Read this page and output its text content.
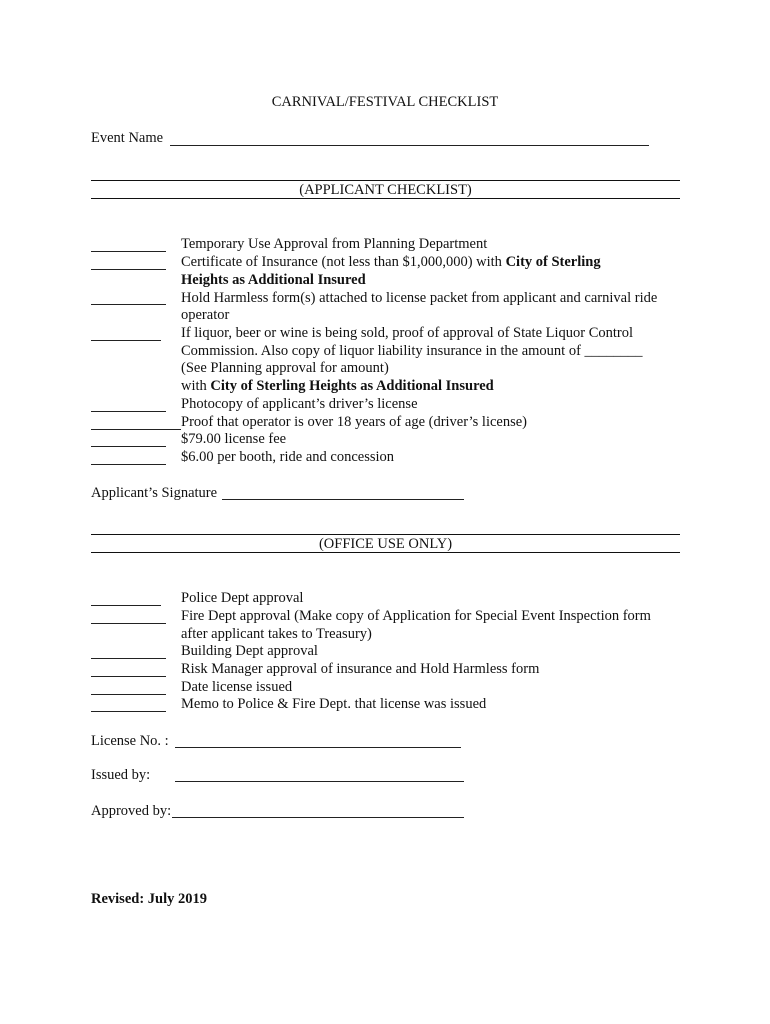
CARNIVAL/FESTIVAL CHECKLIST
Event Name
(APPLICANT CHECKLIST)
Temporary Use Approval from Planning Department
Certificate of Insurance (not less than $1,000,000) with City of Sterling
Heights as Additional Insured
Hold Harmless form(s) attached to license packet from applicant and carnival ride
operator
If liquor, beer or wine is being sold, proof of approval of State Liquor Control
Commission. Also copy of liquor liability insurance in the amount of ________
(See Planning approval for amount)
with City of Sterling Heights as Additional Insured
Photocopy of applicant’s driver’s license
Proof that operator is over 18 years of age (driver’s license)
$79.00 license fee
$6.00 per booth, ride and concession
Applicant’s Signature
(OFFICE USE ONLY)
Police Dept approval
Fire Dept approval (Make copy of Application for Special Event Inspection form
after applicant takes to Treasury)
Building Dept approval
Risk Manager approval of insurance and Hold Harmless form
Date license issued
Memo to Police & Fire Dept. that license was issued
License No. :
Issued by:
Approved by:
Revised: July 2019
